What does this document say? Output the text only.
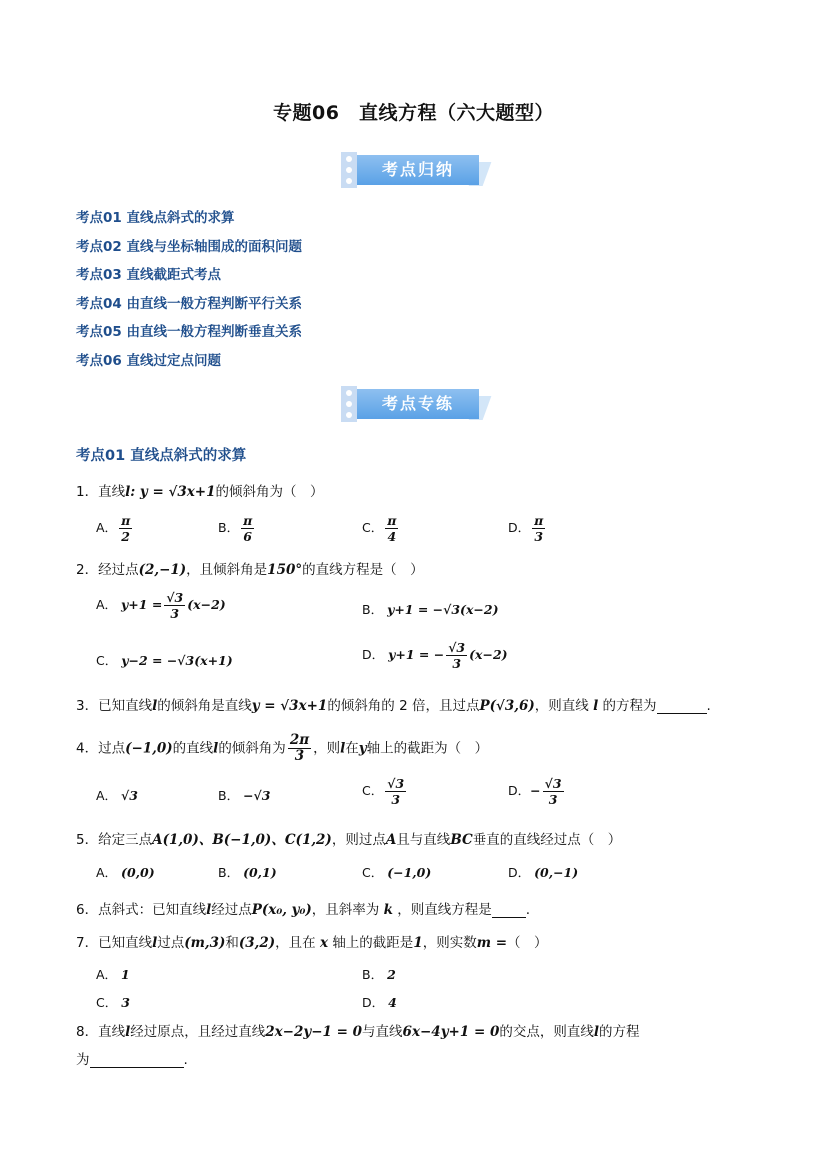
专题06　直线方程（六大题型）
考点归纳
考点01 直线点斜式的求算
考点02 直线与坐标轴围成的面积问题
考点03 直线截距式考点
考点04 由直线一般方程判断平行关系
考点05 由直线一般方程判断垂直关系
考点06 直线过定点问题
考点专练
考点01 直线点斜式的求算
1．直线l: y = √3x+1的倾斜角为（　）
A． $\frac{\pi}{2}$	B． $\frac{\pi}{6}$	C． $\frac{\pi}{4}$	D． $\frac{\pi}{3}$
2．经过点(2,−1)，且倾斜角是150°的直线方程是（　）
A． $y+1 = \frac{√3}{3} (x-2)$	B． y+1 = −√3(x−2)
C． y−2 = −√3(x+1)	D． y+1 = − $\frac{√3}{3} (x-2)$
3．已知直线l的倾斜角是直线y = √3x+1的倾斜角的 2 倍，且过点P(√3,6)，则直线 l 的方程为	.
4．过点(−1,0)的直线l的倾斜角为 $\frac{2\pi}{3}$ ，则l在y轴上的截距为（　）
A． √3	B． −√3	C． $\frac{√3}{3}$	D．− $\frac{√3}{3}$
5．给定三点A(1,0)、B(−1,0)、C(1,2)，则过点A且与直线BC垂直的直线经过点（　）
A． (0,0)	B． (0,1)	C． (−1,0)	D． (0,−1)
6．点斜式：已知直线l经过点P(x₀, y₀)，且斜率为 k ，则直线方程是	.
7．已知直线l过点(m,3)和(3,2)，且在 x 轴上的截距是1，则实数m =（　）
A． 1	B． 2
C． 3	D． 4
8．直线l经过原点，且经过直线2x−2y−1 = 0与直线6x−4y+1 = 0的交点，则直线l的方程
为	.
